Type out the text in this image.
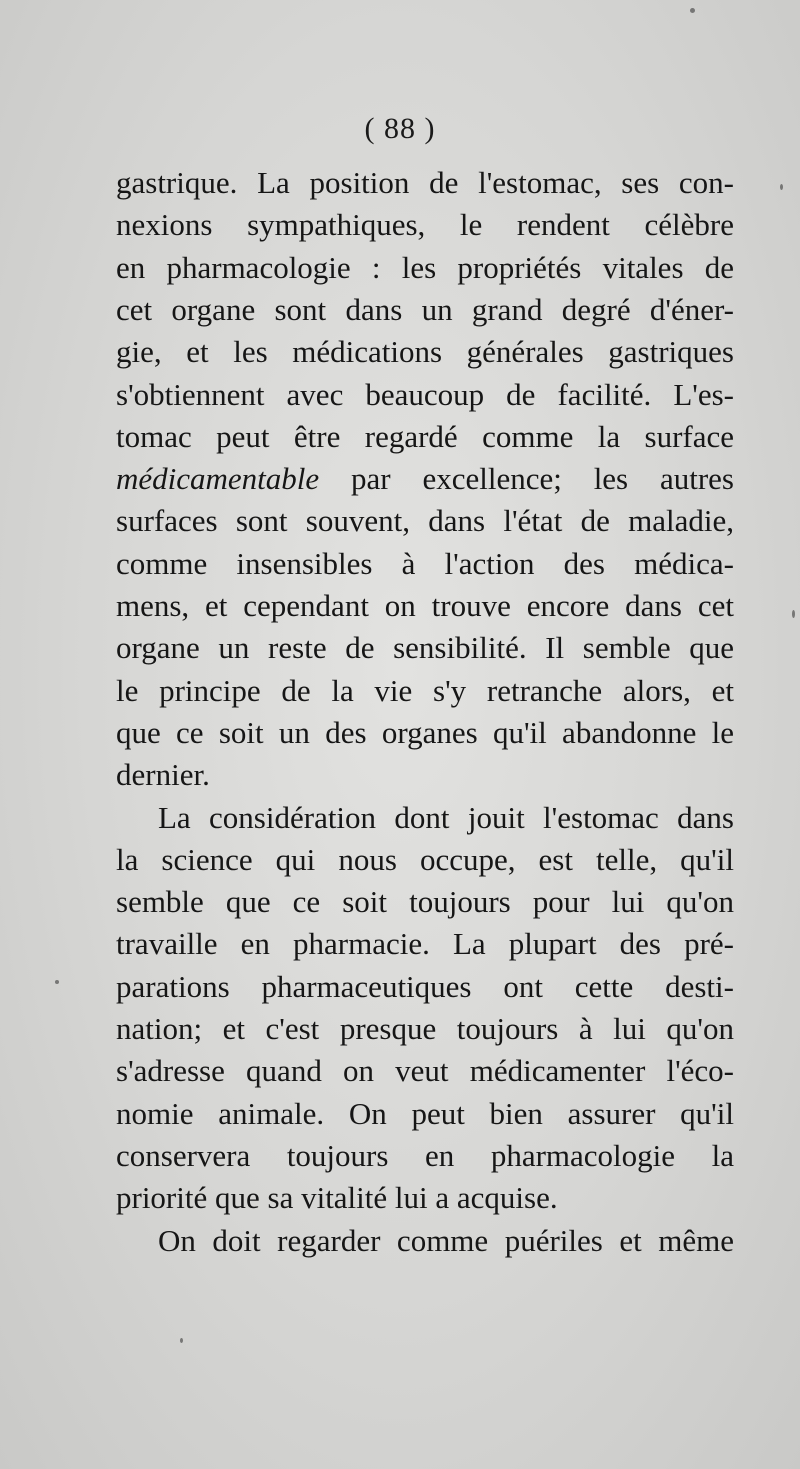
( 88 )
gastrique. La position de l'estomac, ses con-
nexions sympathiques, le rendent célèbre
en pharmacologie : les propriétés vitales de
cet organe sont dans un grand degré d'éner-
gie, et les médications générales gastriques
s'obtiennent avec beaucoup de facilité. L'es-
tomac peut être regardé comme la surface
médicamentable par excellence; les autres
surfaces sont souvent, dans l'état de maladie,
comme insensibles à l'action des médica-
mens, et cependant on trouve encore dans cet
organe un reste de sensibilité. Il semble que
le principe de la vie s'y retranche alors, et
que ce soit un des organes qu'il abandonne le
dernier.
La considération dont jouit l'estomac dans
la science qui nous occupe, est telle, qu'il
semble que ce soit toujours pour lui qu'on
travaille en pharmacie. La plupart des pré-
parations pharmaceutiques ont cette desti-
nation; et c'est presque toujours à lui qu'on
s'adresse quand on veut médicamenter l'éco-
nomie animale. On peut bien assurer qu'il
conservera toujours en pharmacologie la
priorité que sa vitalité lui a acquise.
On doit regarder comme puériles et même
